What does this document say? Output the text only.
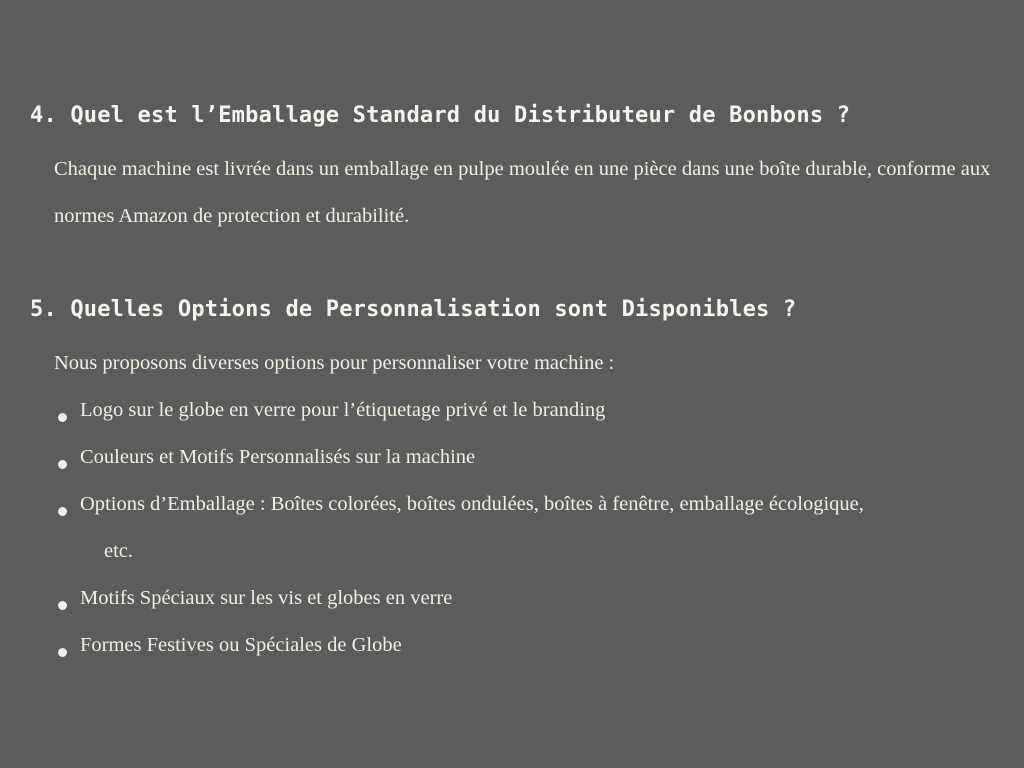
4. Quel est l’Emballage Standard du Distributeur de Bonbons ?

Chaque machine est livrée dans un emballage en pulpe moulée en une pièce dans une boîte durable, conforme aux normes Amazon de protection et durabilité.

5. Quelles Options de Personnalisation sont Disponibles ?

Nous proposons diverses options pour personnaliser votre machine :

Logo sur le globe en verre pour l’étiquetage privé et le branding
Couleurs et Motifs Personnalisés sur la machine
Options d’Emballage : Boîtes colorées, boîtes ondulées, boîtes à fenêtre, emballage écologique,
etc.
Motifs Spéciaux sur les vis et globes en verre
Formes Festives ou Spéciales de Globe
